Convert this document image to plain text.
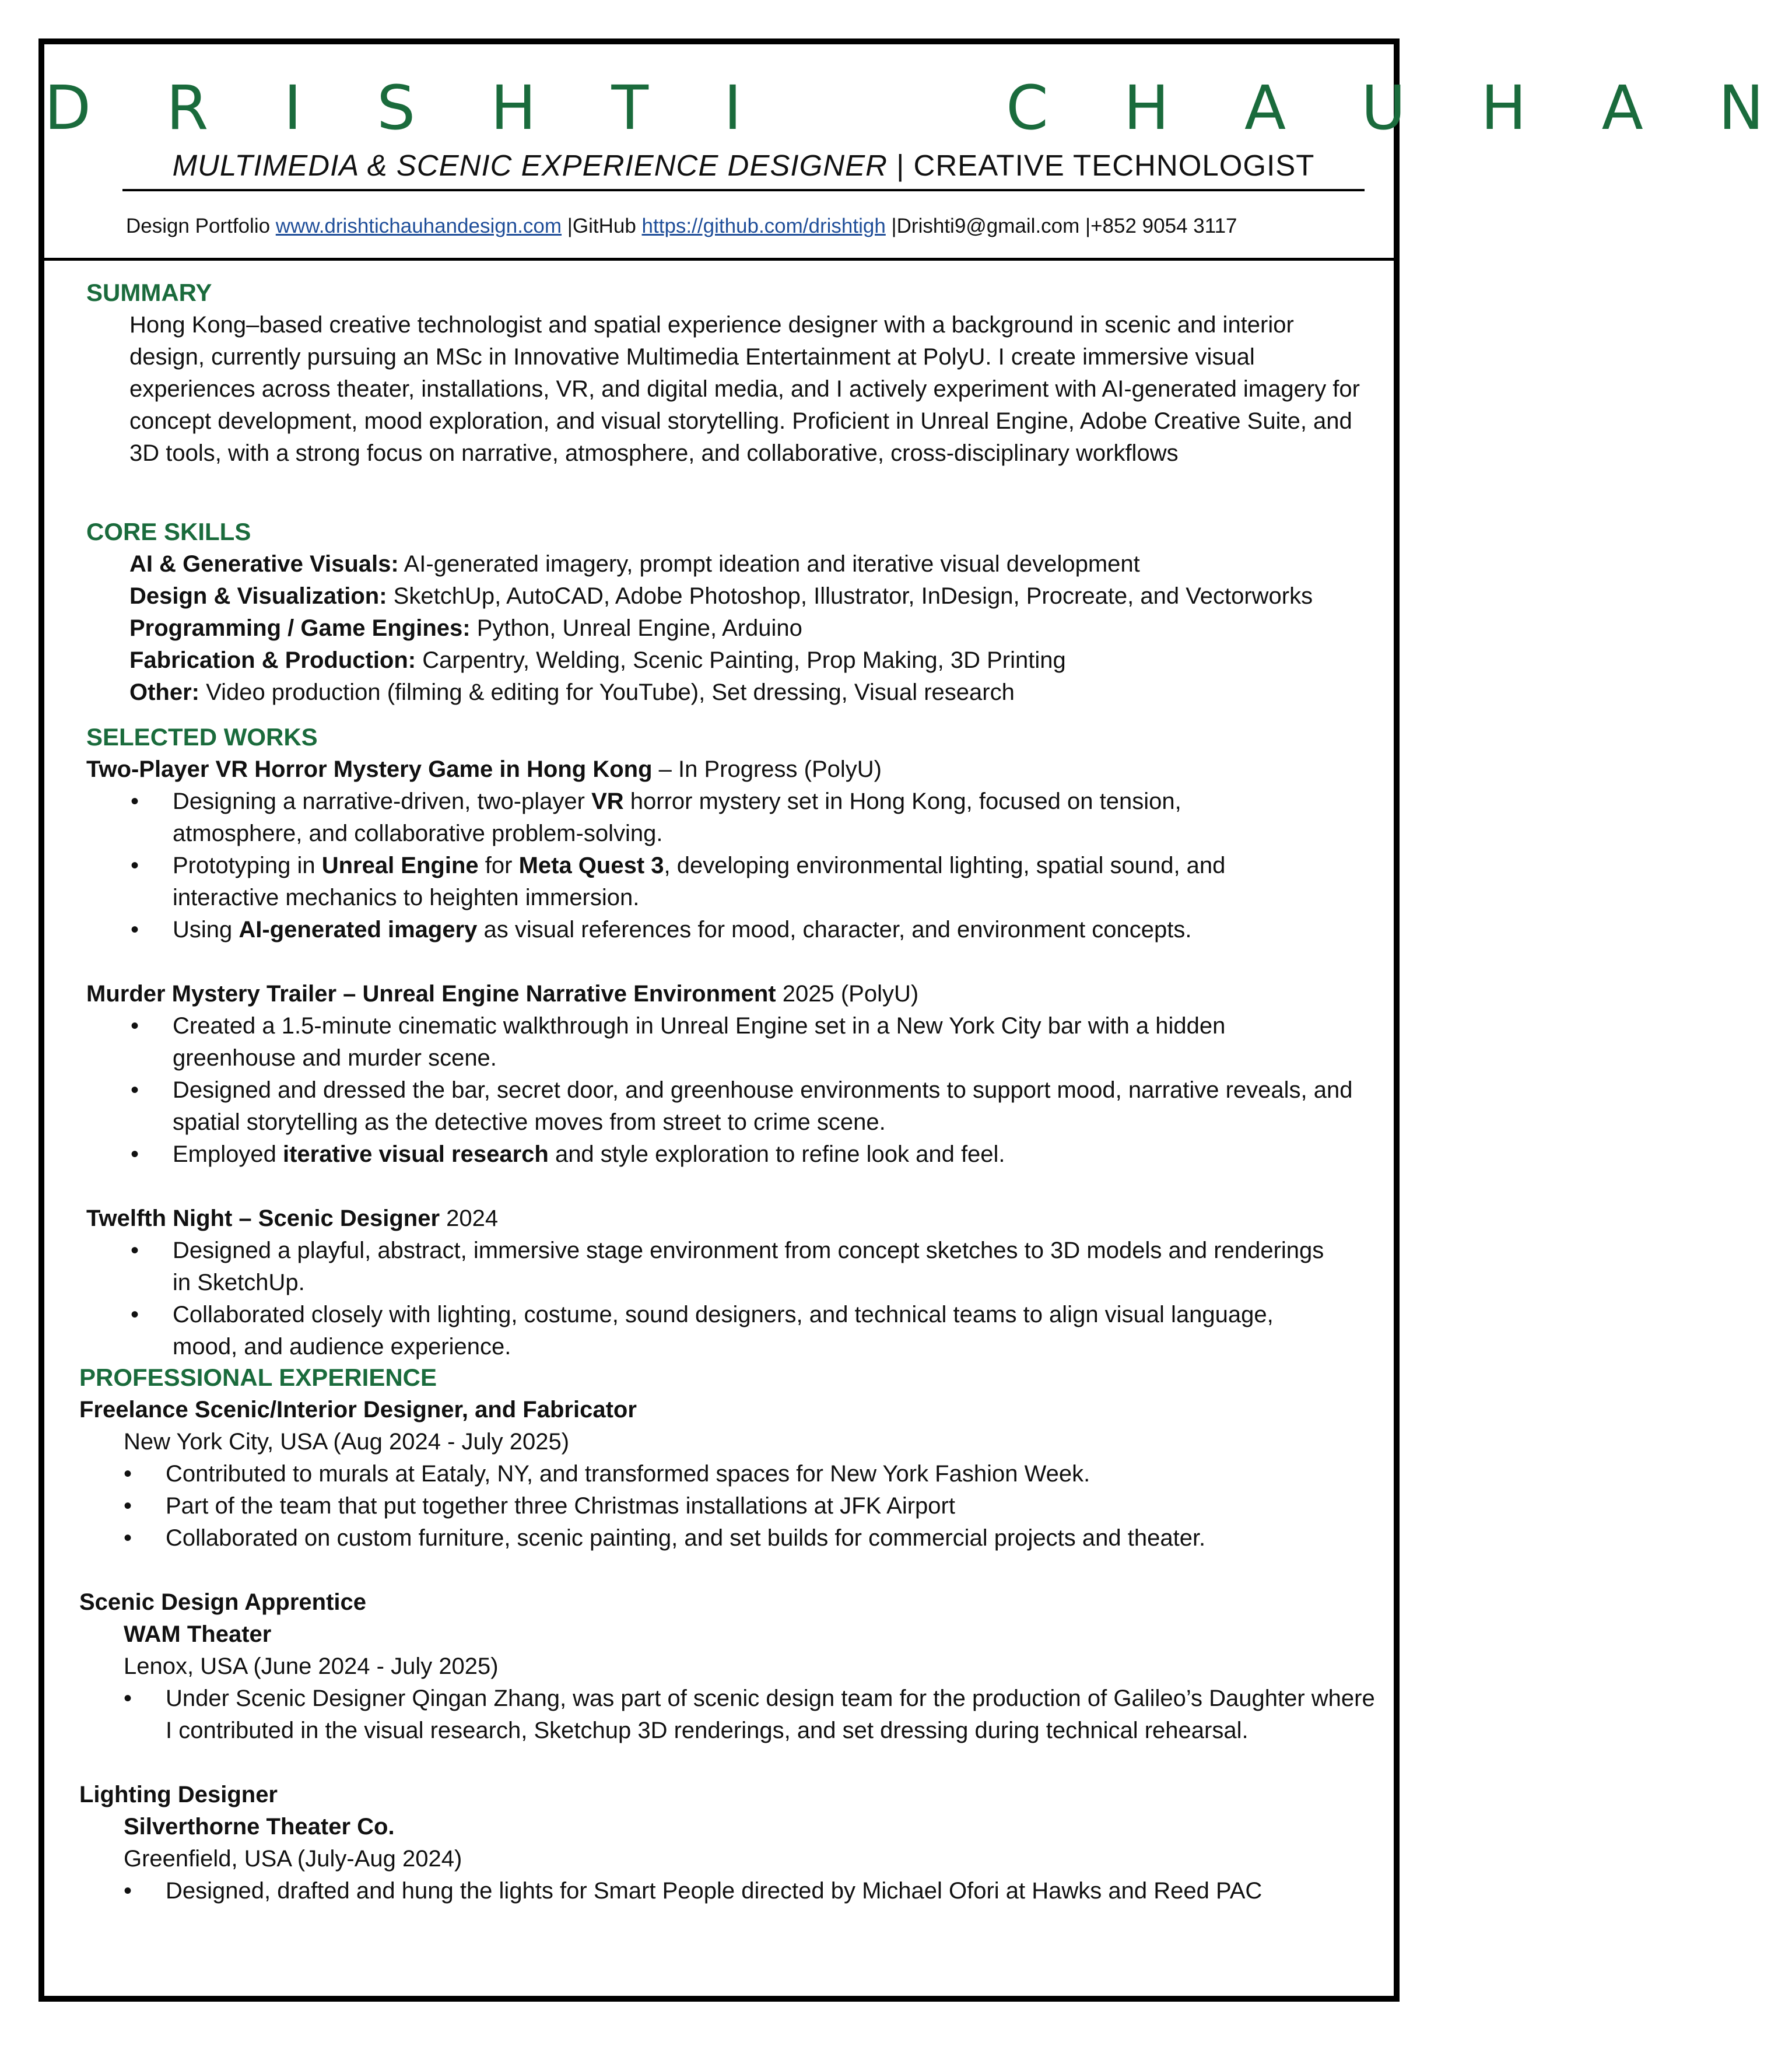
D R I S H T I     C H A U H A N
MULTIMEDIA & SCENIC EXPERIENCE DESIGNER | CREATIVE TECHNOLOGIST
Design Portfolio www.drishtichauhandesign.com |GitHub https://github.com/drishtigh |Drishti9@gmail.com |+852 9054 3117
SUMMARY
Hong Kong–based creative technologist and spatial experience designer with a background in scenic and interior design, currently pursuing an MSc in Innovative Multimedia Entertainment at PolyU. I create immersive visual experiences across theater, installations, VR, and digital media, and I actively experiment with AI-generated imagery for concept development, mood exploration, and visual storytelling. Proficient in Unreal Engine, Adobe Creative Suite, and 3D tools, with a strong focus on narrative, atmosphere, and collaborative, cross-disciplinary workflows
CORE SKILLS
AI & Generative Visuals: AI-generated imagery, prompt ideation and iterative visual development
Design & Visualization: SketchUp, AutoCAD, Adobe Photoshop, Illustrator, InDesign, Procreate, and Vectorworks
Programming / Game Engines: Python, Unreal Engine, Arduino
Fabrication & Production: Carpentry, Welding, Scenic Painting, Prop Making, 3D Printing
Other: Video production (filming & editing for YouTube), Set dressing, Visual research
SELECTED WORKS
Two-Player VR Horror Mystery Game in Hong Kong – In Progress (PolyU)
• Designing a narrative-driven, two-player VR horror mystery set in Hong Kong, focused on tension, atmosphere, and collaborative problem-solving.
• Prototyping in Unreal Engine for Meta Quest 3, developing environmental lighting, spatial sound, and interactive mechanics to heighten immersion.
• Using AI-generated imagery as visual references for mood, character, and environment concepts.
Murder Mystery Trailer – Unreal Engine Narrative Environment 2025 (PolyU)
• Created a 1.5-minute cinematic walkthrough in Unreal Engine set in a New York City bar with a hidden greenhouse and murder scene.
• Designed and dressed the bar, secret door, and greenhouse environments to support mood, narrative reveals, and spatial storytelling as the detective moves from street to crime scene.
• Employed iterative visual research and style exploration to refine look and feel.
Twelfth Night – Scenic Designer 2024
• Designed a playful, abstract, immersive stage environment from concept sketches to 3D models and renderings in SketchUp.
• Collaborated closely with lighting, costume, sound designers, and technical teams to align visual language, mood, and audience experience.
PROFESSIONAL EXPERIENCE
Freelance Scenic/Interior Designer, and Fabricator
New York City, USA (Aug 2024 - July 2025)
• Contributed to murals at Eataly, NY, and transformed spaces for New York Fashion Week.
• Part of the team that put together three Christmas installations at JFK Airport
• Collaborated on custom furniture, scenic painting, and set builds for commercial projects and theater.
Scenic Design Apprentice
WAM Theater
Lenox, USA (June 2024 - July 2025)
• Under Scenic Designer Qingan Zhang, was part of scenic design team for the production of Galileo’s Daughter where I contributed in the visual research, Sketchup 3D renderings, and set dressing during technical rehearsal.
Lighting Designer
Silverthorne Theater Co.
Greenfield, USA (July-Aug 2024)
• Designed, drafted and hung the lights for Smart People directed by Michael Ofori at Hawks and Reed PAC
